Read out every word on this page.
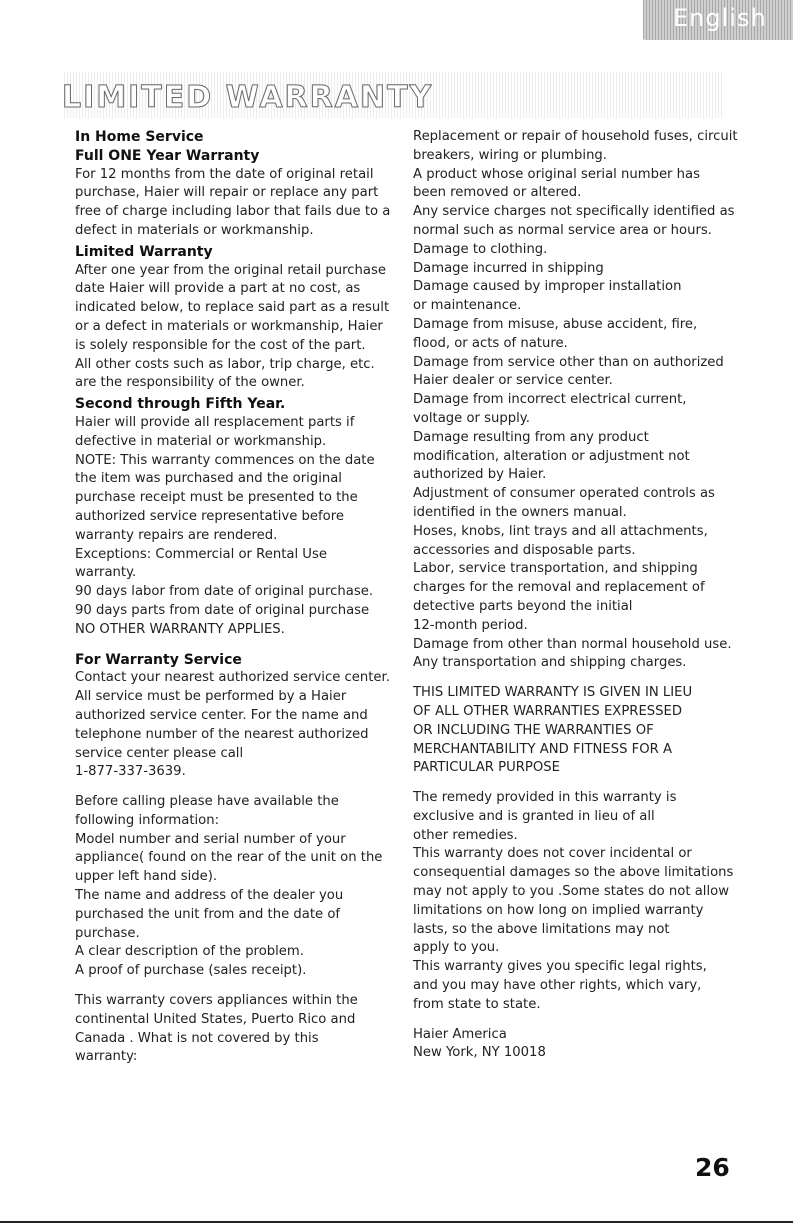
English
LIMITED WARRANTY

In Home Service

Full ONE Year Warranty

For 12 months from the date of original retail

purchase, Haier will repair or replace any part

free of charge including labor that fails due to a

defect in materials or workmanship.

Limited Warranty

After one year from the original retail purchase

date Haier will provide a part at no cost, as

indicated below, to replace said part as a result

or a defect in materials or workmanship, Haier

is solely responsible for the cost of the part.

All other costs such as labor, trip charge, etc.

are the responsibility of the owner.

Second through Fifth Year.

Haier will provide all resplacement parts if

defective in material or workmanship.

NOTE: This warranty commences on the date

the item was purchased and the original

purchase receipt must be presented to the

authorized service representative before

warranty repairs are rendered.

Exceptions: Commercial or Rental Use

warranty.

90 days labor from date of original purchase.

90 days parts from date of original purchase

NO OTHER WARRANTY APPLIES.

For Warranty Service

Contact your nearest authorized service center.

All service must be performed by a Haier

authorized service center. For the name and

telephone number of the nearest authorized

service center please call

1-877-337-3639.

Before calling please have available the

following information:

Model number and serial number of your

appliance( found on the rear of the unit on the

upper left hand side).

The name and address of the dealer you

purchased the unit from and the date of

purchase.

A clear description of the problem.

A proof of purchase (sales receipt).

This warranty covers appliances within the

continental United States, Puerto Rico and

Canada . What is not covered by this

warranty:

Replacement or repair of household fuses, circuit

breakers, wiring or plumbing.

A product whose original serial number has

been removed or altered.

Any service charges not specifically identified as

normal such as normal service area or hours.

Damage to clothing.

Damage incurred in shipping

Damage caused by improper installation

or maintenance.

Damage from misuse, abuse accident, fire,

flood, or acts of nature.

Damage from service other than on authorized

Haier dealer or service center.

Damage from incorrect electrical current,

voltage or supply.

Damage resulting from any product

modification, alteration or adjustment not

authorized by Haier.

Adjustment of consumer operated controls as

identified in the owners manual.

Hoses, knobs, lint trays and all attachments,

accessories and disposable parts.

Labor, service transportation, and shipping

charges for the removal and replacement of

detective parts beyond the initial

12-month period.

Damage from other than normal household use.

Any transportation and shipping charges.

THIS LIMITED WARRANTY IS GIVEN IN LIEU

OF ALL OTHER WARRANTIES EXPRESSED

OR INCLUDING THE WARRANTIES OF

MERCHANTABILITY AND FITNESS FOR A

PARTICULAR PURPOSE

The remedy provided in this warranty is

exclusive and is granted in lieu of all

other remedies.

This warranty does not cover incidental or

consequential damages so the above limitations

may not apply to you .Some states do not allow

limitations on how long on implied warranty

lasts, so the above limitations may not

apply to you.

This warranty gives you specific legal rights,

and you may have other rights, which vary,

from state to state.

Haier America

New York, NY 10018

26
